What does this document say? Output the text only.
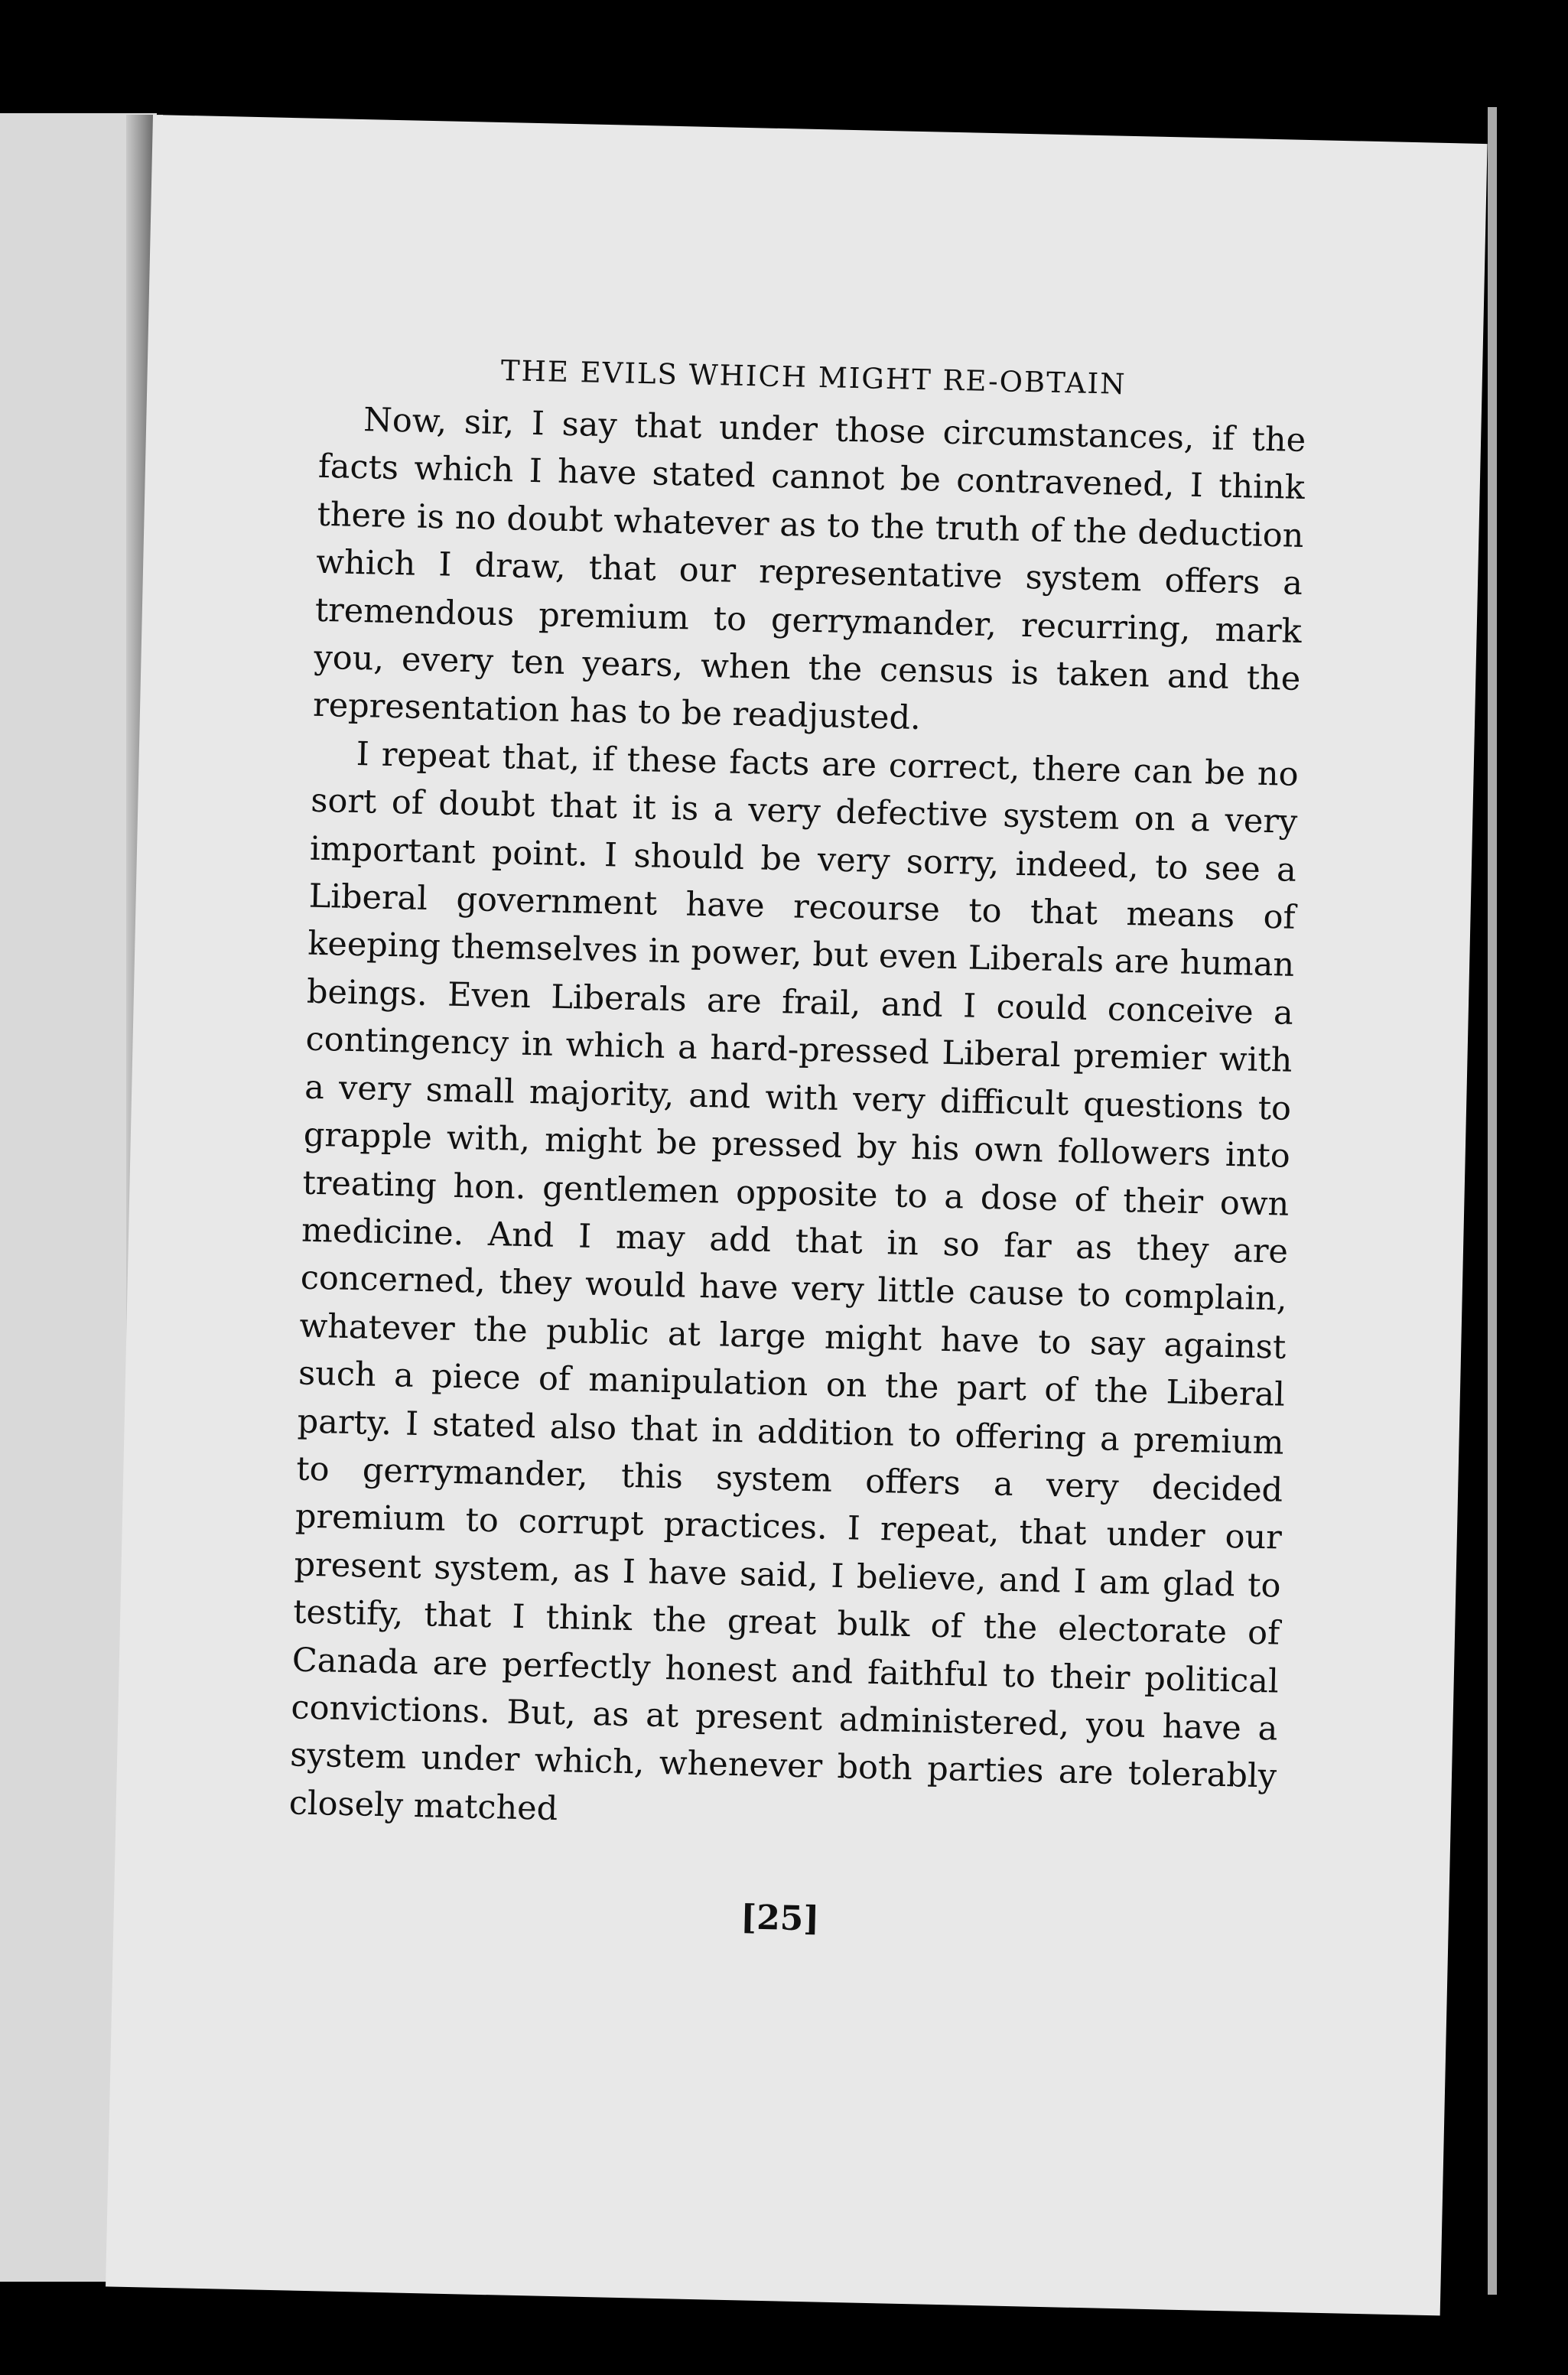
THE EVILS WHICH MIGHT RE-OBTAIN

Now, sir, I say that under those circumstances, if the facts which I have stated cannot be contravened, I think there is no doubt whatever as to the truth of the deduction which I draw, that our representative system offers a tremendous premium to gerrymander, recurring, mark you, every ten years, when the census is taken and the representation has to be readjusted.

I repeat that, if these facts are correct, there can be no sort of doubt that it is a very defective system on a very important point. I should be very sorry, indeed, to see a Liberal government have recourse to that means of keeping themselves in power, but even Liberals are human beings. Even Liberals are frail, and I could conceive a contingency in which a hard-pressed Liberal premier with a very small majority, and with very difficult questions to grapple with, might be pressed by his own followers into treating hon. gentlemen opposite to a dose of their own medicine. And I may add that in so far as they are concerned, they would have very little cause to complain, whatever the public at large might have to say against such a piece of manipulation on the part of the Liberal party. I stated also that in addition to offering a premium to gerrymander, this system offers a very decided premium to corrupt practices. I repeat, that under our present system, as I have said, I believe, and I am glad to testify, that I think the great bulk of the electorate of Canada are perfectly honest and faithful to their political convictions. But, as at present administered, you have a system under which, whenever both parties are tolerably closely matched

[25]
